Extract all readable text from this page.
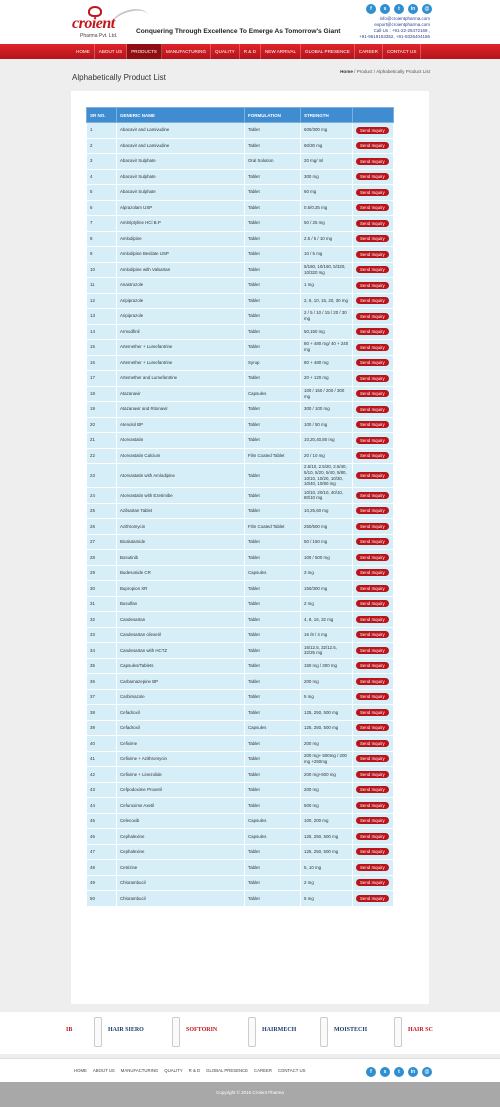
croient
Pharma Pvt. Ltd.
Conquering Through Excellence To Emerge As Tomorrow's Giant
f	s	t	in	@
info@croientpharma.com
export@croientpharma.com
Call Us : +91-22-25472168 ,
+91-9619153352, +91-9326404186
HOME	ABOUT US	PRODUCTS	MANUFACTURING	QUALITY	R & D	NEW ARRIVAL	GLOBAL PRESENCE	CAREER	CONTACT US
Alphabetically Product List
Home / Product / Alphabetically Product List
SR NO.	GENERIC NAME	FORMULATION	STRENGTH	
1	Abacavir and Lamivudine	Tablet	600/300 mg	Send Inquiry
2	Abacavir and Lamivudine	Tablet	60/30 mg	Send Inquiry
3	Abacavir Sulphate	Oral Solution	20 mg/ ml	Send Inquiry
4	Abacavir Sulphate	Tablet	300 mg	Send Inquiry
5	Abacavir Sulphate	Tablet	60 mg	Send Inquiry
6	Alprazolam USP	Tablet	0.5/0.25 mg	Send Inquiry
7	Amitriptyline HCl B.P	Tablet	50 / 25 mg	Send Inquiry
8	Amlodipine	Tablet	2.5 / 5 / 10 mg	Send Inquiry
9	Amlodipine Besilate USP	Tablet	10 / 5 mg	Send Inquiry
10	Amlodipine with Valsartan	Tablet	5/160, 10/160, 5/320, 10/320 mg	Send Inquiry
11	Anastrozole	Tablet	1 mg	Send Inquiry
12	Aripiprazole	Tablet	2, 5, 10, 15, 20, 30 mg	Send Inquiry
13	Aripiprazole	Tablet	2 / 5 / 10 / 15 / 20 / 30 mg	Send Inquiry
14	Armodfinil	Tablet	50,150 mg	Send Inquiry
15	Artemether + Lumefantrine	Tablet	80 + 480 mg/ 40 + 240 mg	Send Inquiry
16	Artemether + Lumefantrine	Syrup	80 + 480 mg	Send Inquiry
17	Artemether and Lumefantrine	Tablet	20 + 120 mg	Send Inquiry
18	Atazanavir	Capsules	100 / 150 / 200 / 300 mg	Send Inquiry
19	Atazanavir and Ritonavir	Tablet	300 / 100 mg	Send Inquiry
20	Atenolol BP	Tablet	100 / 50 mg	Send Inquiry
21	Atorvastatin	Tablet	10,20,40,80 mg	Send Inquiry
22	Atorvastatin Calcium	Film Coated Tablet	20 / 10 mg	Send Inquiry
23	Atorvastatin with Amlodipine	Tablet	2.5/10, 2.5/20, 2.5/40, 5/10, 5/20, 5/40, 5/80, 10/10, 10/20, 10/30, 10/40, 10/80 mg	Send Inquiry
24	Atorvastatin with Ezetimibe	Tablet	10/10, 20/10, 40/10, 80/10 mg	Send Inquiry
25	Azilsartan Tablet	Tablet	10,25,60 mg	Send Inquiry
26	Azithromycin	Film Coated Tablet	250/500 mg	Send Inquiry
27	Bicalutamide	Tablet	50 / 150 mg	Send Inquiry
28	Bosutinib	Tablet	100 / 500 mg	Send Inquiry
29	Budesonide CR	Capsules	3 mg	Send Inquiry
30	Bupropion XR	Tablet	150/300 mg	Send Inquiry
31	Busulfan	Tablet	2 mg	Send Inquiry
32	Candesartan	Tablet	4, 8, 16, 32 mg	Send Inquiry
33	Candesartan cilexetil	Tablet	16 /8 / 4 mg	Send Inquiry
34	Candesartan with HCTZ	Tablet	16/12.5, 32/12.5, 32/25 mg	Send Inquiry
35	Capsules/Tablets	Tablet	150 mg / 300 mg	Send Inquiry
36	Carbamazepine BP	Tablet	200 mg	Send Inquiry
37	Carbimazole	Tablet	5 mg	Send Inquiry
38	Cefadroxil	Tablet	125, 250, 500 mg	Send Inquiry
39	Cefadroxil	Capsules	125, 250, 500 mg	Send Inquiry
40	Cefixime	Tablet	200 mg	Send Inquiry
41	Cefixime + Azithromycin	Tablet	200 mg+ 500mg / 200 mg +250mg	Send Inquiry
42	Cefixime + Linezolide	Tablet	200 mg+600 mg	Send Inquiry
43	Cefpodoxime Proxetil	Tablet	200 mg	Send Inquiry
44	Cefuroxime Axetil	Tablet	500 mg	Send Inquiry
45	Celecoxib	Capsules	100, 200 mg	Send Inquiry
46	Cephalexine	Capsules	125, 250, 500 mg	Send Inquiry
47	Cephalexine	Tablet	125, 250, 500 mg	Send Inquiry
48	Cetrizine	Tablet	5, 10 mg	Send Inquiry
49	Chlorambucil	Tablet	2 mg	Send Inquiry
50	Chlorambucil	Tablet	5 mg	Send Inquiry
IB	HAIR SIERO	SOFTORIN	HAIRMECH	MOISTECH	HAIR SC
HOME ABOUT US MANUFACTURING QUALITY R & D GLOBAL PRESENCE CAREER CONTACT US	f	s	t	in	@
Copyright © 2015 Croient Pharma
